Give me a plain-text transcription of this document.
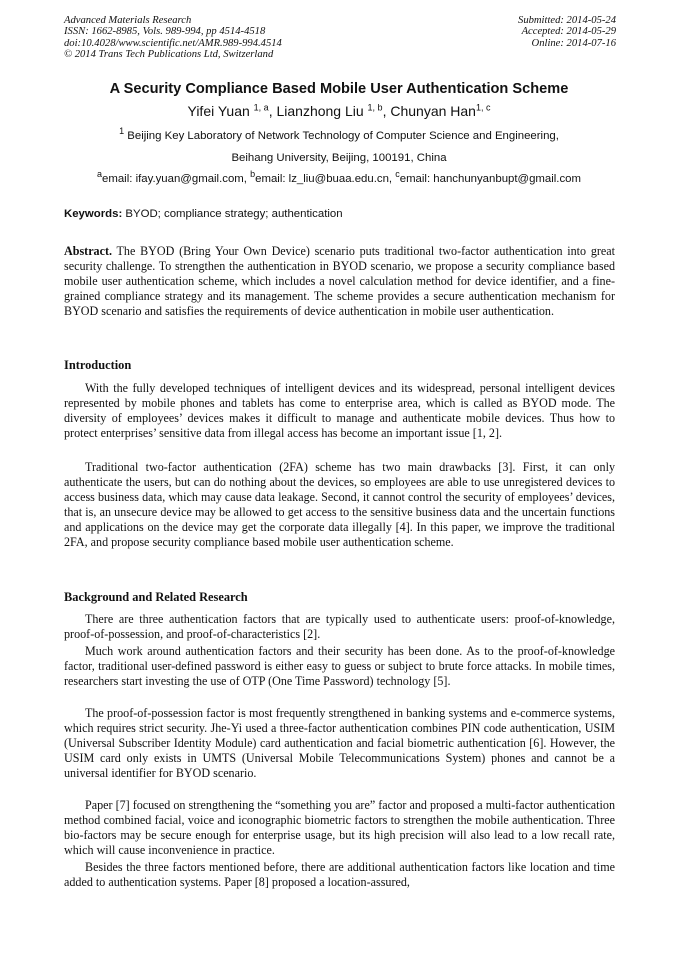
Advanced Materials Research
ISSN: 1662-8985, Vols. 989-994, pp 4514-4518
doi:10.4028/www.scientific.net/AMR.989-994.4514
© 2014 Trans Tech Publications Ltd, Switzerland
Submitted: 2014-05-24
Accepted: 2014-05-29
Online: 2014-07-16
A Security Compliance Based Mobile User Authentication Scheme
Yifei Yuan $^{1, a}$, Lianzhong Liu $^{1, b}$, Chunyan Han$^{1, c}$
$^1$ Beijing Key Laboratory of Network Technology of Computer Science and Engineering,
Beihang University, Beijing, 100191, China
$^a$email: ifay.yuan@gmail.com, $^b$email: lz_liu@buaa.edu.cn, $^c$email: hanchunyanbupt@gmail.com
Keywords: BYOD; compliance strategy; authentication

Abstract. The BYOD (Bring Your Own Device) scenario puts traditional two-factor authentication into great security challenge. To strengthen the authentication in BYOD scenario, we propose a security compliance based mobile user authentication scheme, which includes a novel calculation method for device identifier, and a fine-grained compliance strategy and its management. The scheme provides a secure authentication mechanism for BYOD scenario and satisfies the requirements of device authentication in mobile user authentication.

Introduction

With the fully developed techniques of intelligent devices and its widespread, personal intelligent devices represented by mobile phones and tablets has come to enterprise area, which is called as BYOD mode. The diversity of employees’ devices makes it difficult to manage and authenticate mobile devices. Thus how to protect enterprises’ sensitive data from illegal access has become an important issue [1, 2].

Traditional two-factor authentication (2FA) scheme has two main drawbacks [3]. First, it can only authenticate the users, but can do nothing about the devices, so employees are able to use unregistered devices to access business data, which may cause data leakage. Second, it cannot control the security of employees’ devices, that is, an unsecure device may be allowed to get access to the sensitive business data and the uncertain functions and applications on the device may get the corporate data illegally [4]. In this paper, we improve the traditional 2FA, and propose security compliance based mobile user authentication scheme.

Background and Related Research

There are three authentication factors that are typically used to authenticate users: proof-of-knowledge, proof-of-possession, and proof-of-characteristics [2].

Much work around authentication factors and their security has been done. As to the proof-of-knowledge factor, traditional user-defined password is either easy to guess or subject to brute force attacks. In mobile times, researchers start investing the use of OTP (One Time Password) technology [5].

The proof-of-possession factor is most frequently strengthened in banking systems and e-commerce systems, which requires strict security. Jhe-Yi used a three-factor authentication combines PIN code authentication, USIM (Universal Subscriber Identity Module) card authentication and facial biometric authentication [6]. However, the USIM card only exists in UMTS (Universal Mobile Telecommunications System) phones and cannot be a universal identifier for BYOD scenario.

Paper [7] focused on strengthening the “something you are” factor and proposed a multi-factor authentication method combined facial, voice and iconographic biometric factors to strengthen the mobile authentication. Three bio-factors may be secure enough for enterprise usage, but its high precision will also lead to a low recall rate, which will cause inconvenience in practice.

Besides the three factors mentioned before, there are additional authentication factors like location and time added to authentication systems. Paper [8] proposed a location-assured,
